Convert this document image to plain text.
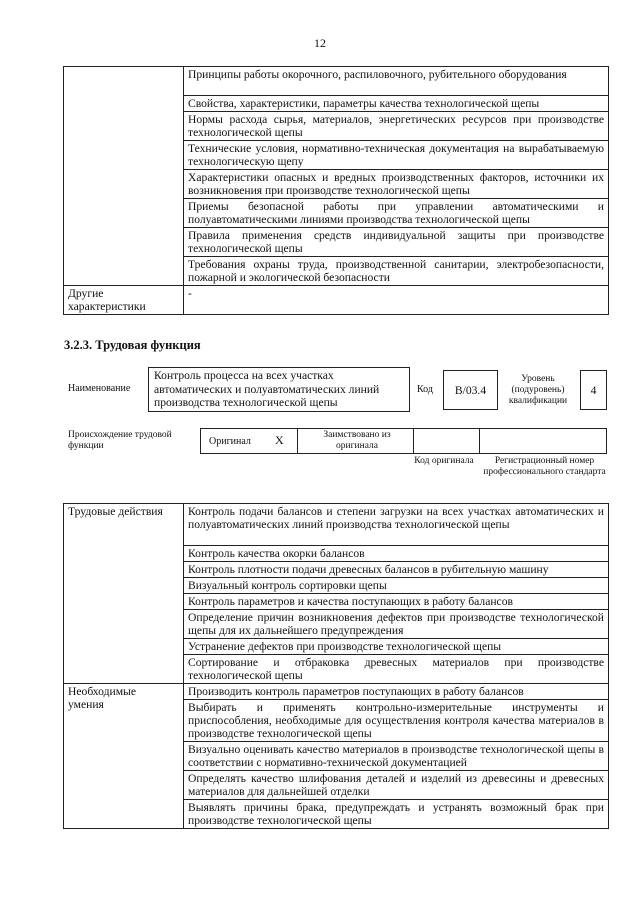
12
	Принципы работы окорочного, распиловочного, рубительного оборудования
	Свойства, характеристики, параметры качества технологической щепы
	Нормы расхода сырья, материалов, энергетических ресурсов при производстве технологической щепы
	Технические условия, нормативно-техническая документация на вырабатываемую технологическую щепу
	Характеристики опасных и вредных производственных факторов, источники их возникновения при производстве технологической щепы
	Приемы безопасной работы при управлении автоматическими и полуавтоматическими линиями производства технологической щепы
	Правила применения средств индивидуальной защиты при производстве технологической щепы
	Требования охраны труда, производственной санитарии, электробезопасности, пожарной и экологической безопасности
Другие характеристики	-
3.2.3. Трудовая функция
Наименование
Контроль процесса на всех участках автоматических и полуавтоматических линий производства технологической щепы
Код	B/03.4
Уровень (подуровень) квалификации
4
Происхождение трудовой функции	Оригинал X	Заимствовано из оригинала
Код оригинала	Регистрационный номер профессионального стандарта
Трудовые действия	Контроль подачи балансов и степени загрузки на всех участках автоматических и полуавтоматических линий производства технологической щепы
	Контроль качества окорки балансов
	Контроль плотности подачи древесных балансов в рубительную машину
	Визуальный контроль сортировки щепы
	Контроль параметров и качества поступающих в работу балансов
	Определение причин возникновения дефектов при производстве технологической щепы для их дальнейшего предупреждения
	Устранение дефектов при производстве технологической щепы
	Сортирование и отбраковка древесных материалов при производстве технологической щепы
Необходимые умения	Производить контроль параметров поступающих в работу балансов
	Выбирать и применять контрольно-измерительные инструменты и приспособления, необходимые для осуществления контроля качества материалов в производстве технологической щепы
	Визуально оценивать качество материалов в производстве технологической щепы в соответствии с нормативно-технической документацией
	Определять качество шлифования деталей и изделий из древесины и древесных материалов для дальнейшей отделки
	Выявлять причины брака, предупреждать и устранять возможный брак при производстве технологической щепы
